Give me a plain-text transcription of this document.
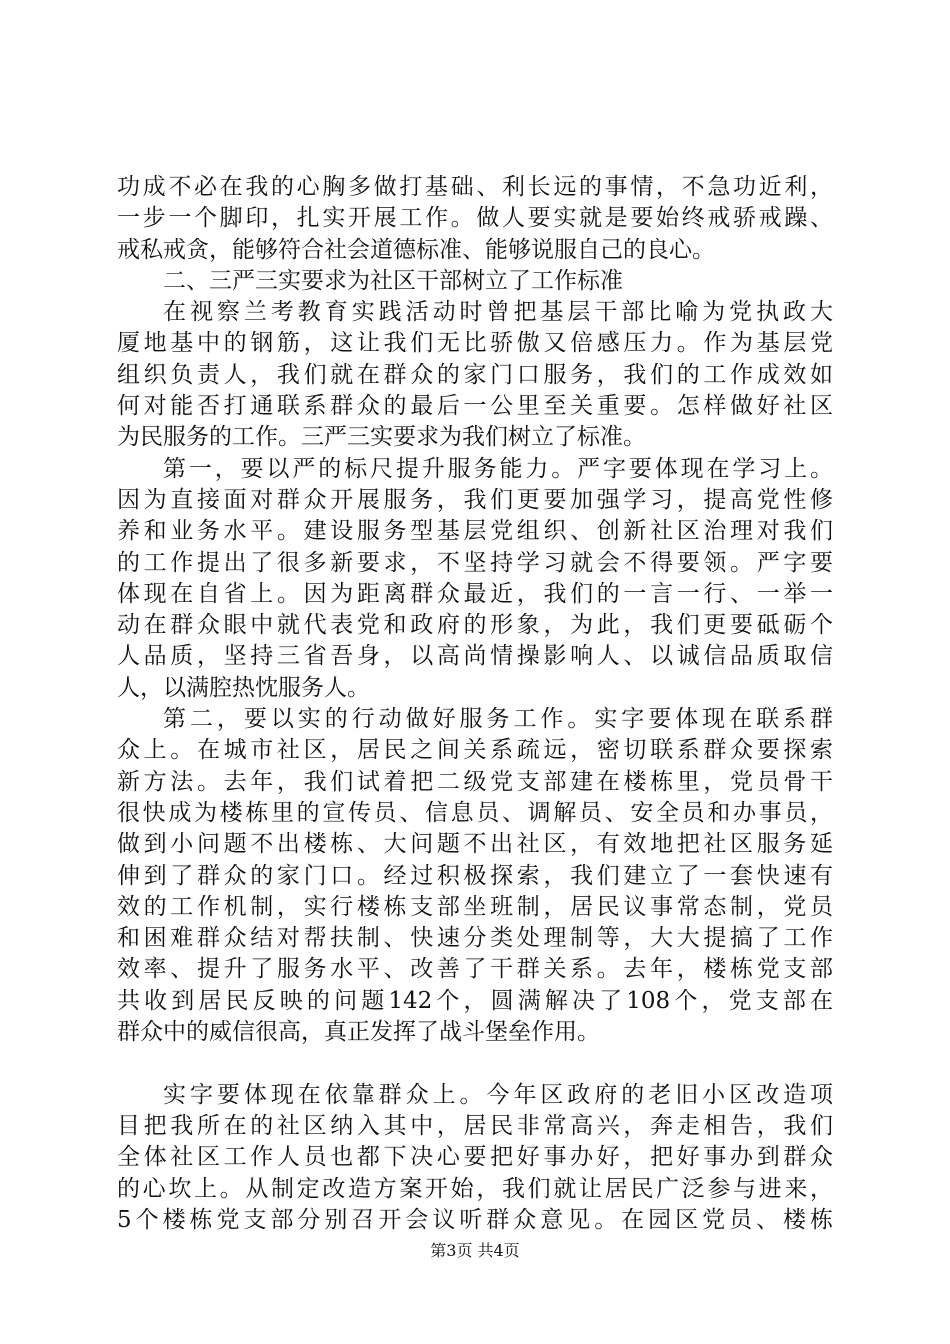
功成不必在我的心胸多做打基础、利长远的事情，不急功近利，
一步一个脚印，扎实开展工作。做人要实就是要始终戒骄戒躁、
戒私戒贪，能够符合社会道德标准、能够说服自己的良心。
二、三严三实要求为社区干部树立了工作标准
在视察兰考教育实践活动时曾把基层干部比喻为党执政大
厦地基中的钢筋，这让我们无比骄傲又倍感压力。作为基层党
组织负责人，我们就在群众的家门口服务，我们的工作成效如
何对能否打通联系群众的最后一公里至关重要。怎样做好社区
为民服务的工作。三严三实要求为我们树立了标准。
第一，要以严的标尺提升服务能力。严字要体现在学习上。
因为直接面对群众开展服务，我们更要加强学习，提高党性修
养和业务水平。建设服务型基层党组织、创新社区治理对我们
的工作提出了很多新要求，不坚持学习就会不得要领。严字要
体现在自省上。因为距离群众最近，我们的一言一行、一举一
动在群众眼中就代表党和政府的形象，为此，我们更要砥砺个
人品质，坚持三省吾身，以高尚情操影响人、以诚信品质取信
人，以满腔热忱服务人。
第二，要以实的行动做好服务工作。实字要体现在联系群
众上。在城市社区，居民之间关系疏远，密切联系群众要探索
新方法。去年，我们试着把二级党支部建在楼栋里，党员骨干
很快成为楼栋里的宣传员、信息员、调解员、安全员和办事员，
做到小问题不出楼栋、大问题不出社区，有效地把社区服务延
伸到了群众的家门口。经过积极探索，我们建立了一套快速有
效的工作机制，实行楼栋支部坐班制，居民议事常态制，党员
和困难群众结对帮扶制、快速分类处理制等，大大提搞了工作
效率、提升了服务水平、改善了干群关系。去年，楼栋党支部
共收到居民反映的问题142个，圆满解决了108个，党支部在
群众中的威信很高，真正发挥了战斗堡垒作用。
实字要体现在依靠群众上。今年区政府的老旧小区改造项
目把我所在的社区纳入其中，居民非常高兴，奔走相告，我们
全体社区工作人员也都下决心要把好事办好，把好事办到群众
的心坎上。从制定改造方案开始，我们就让居民广泛参与进来，
5个楼栋党支部分别召开会议听群众意见。在园区党员、楼栋
第3页 共4页
